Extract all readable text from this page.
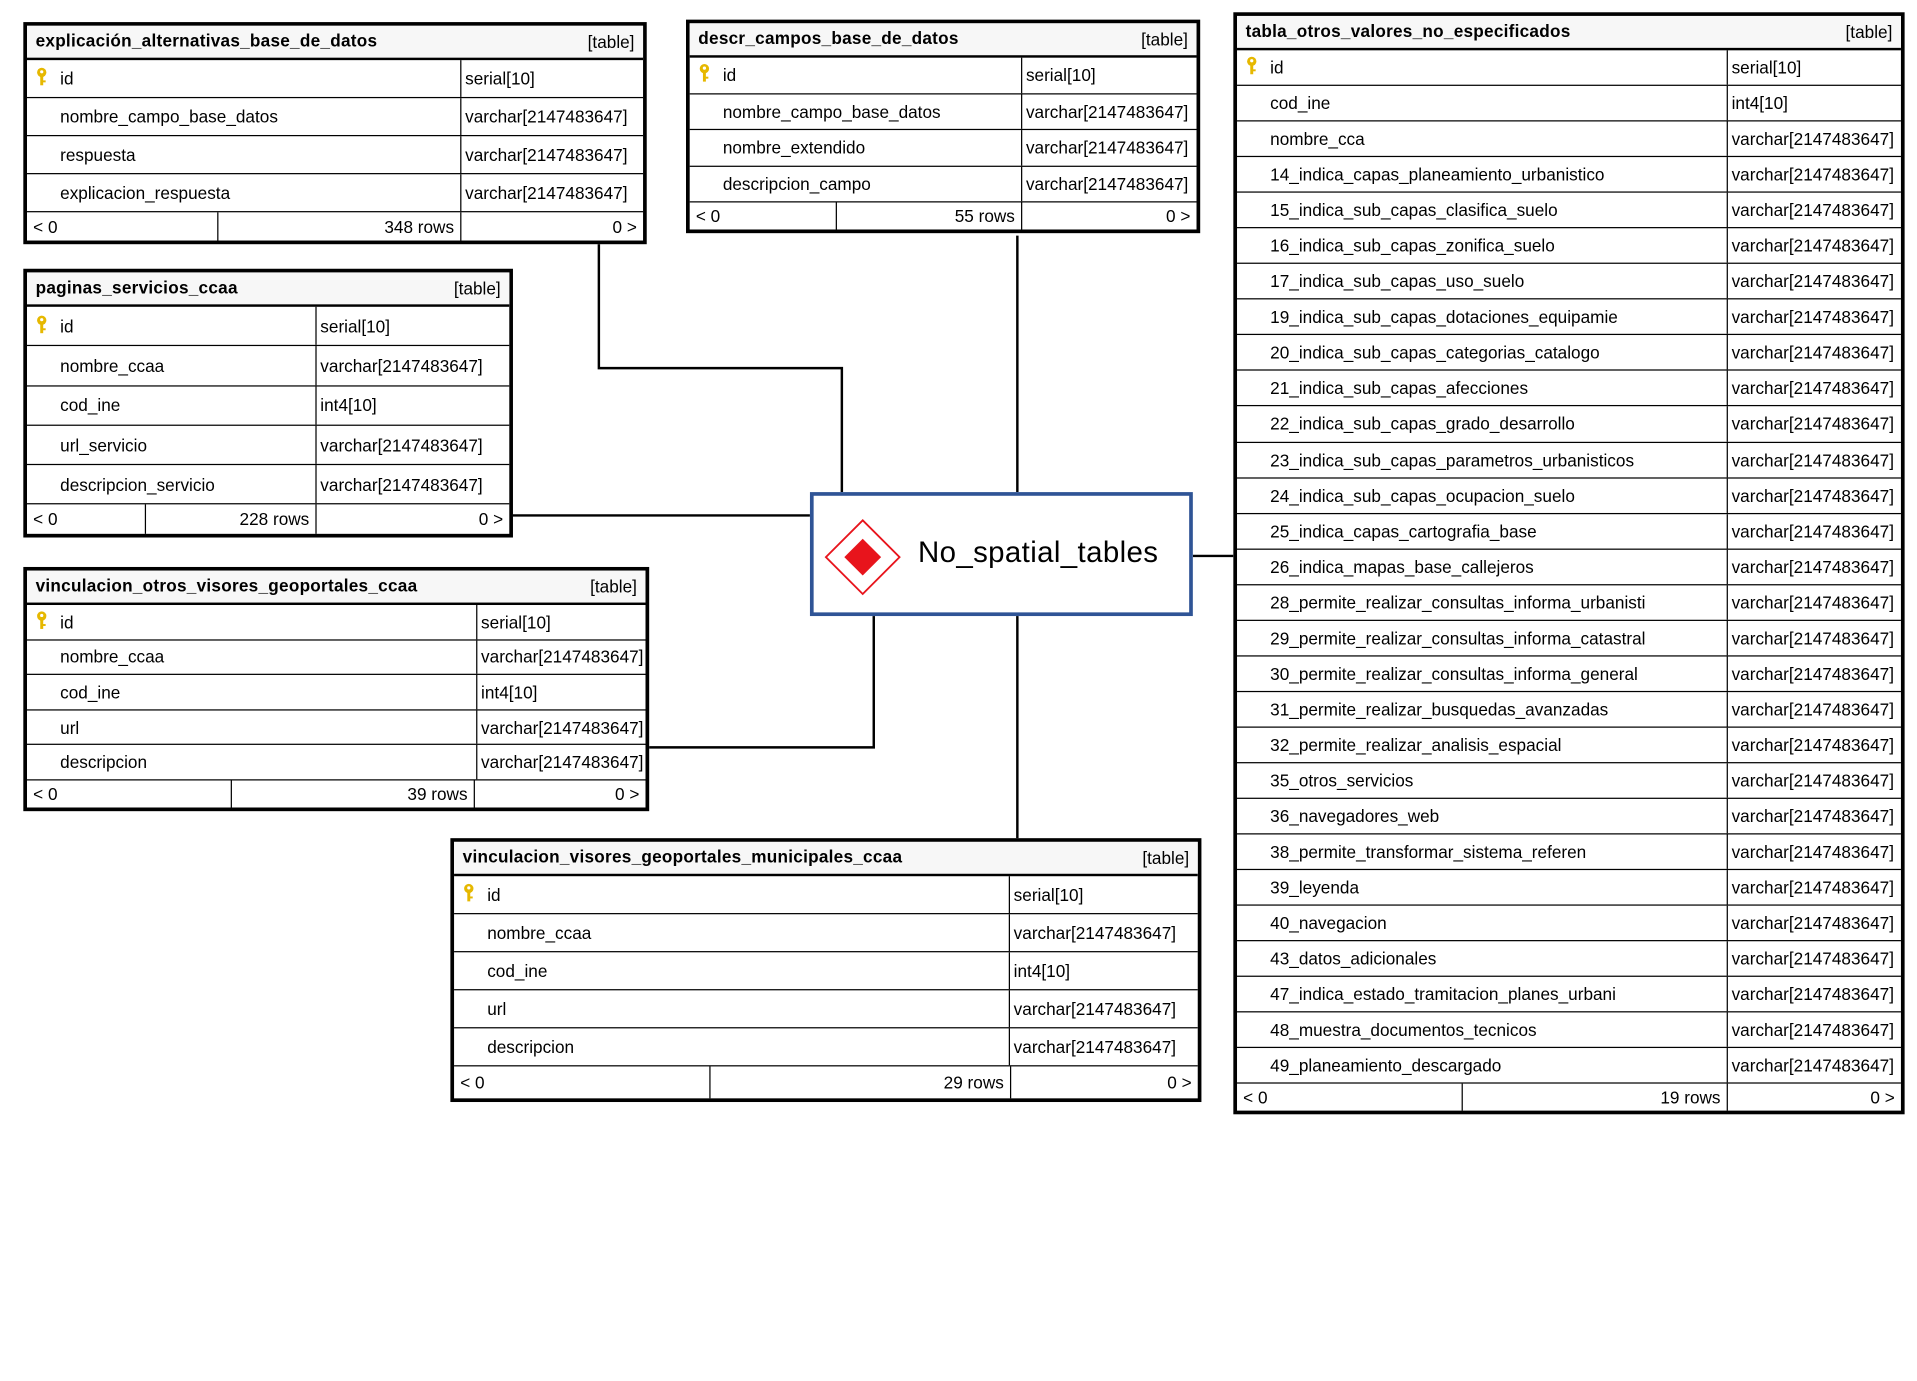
No_spatial_tables
explicación_alternativas_base_de_datos	[table]
id	serial[10]
nombre_campo_base_datos	varchar[2147483647]
respuesta	varchar[2147483647]
explicacion_respuesta	varchar[2147483647]
< 0	348 rows	0 >
descr_campos_base_de_datos	[table]
id	serial[10]
nombre_campo_base_datos	varchar[2147483647]
nombre_extendido	varchar[2147483647]
descripcion_campo	varchar[2147483647]
< 0	55 rows	0 >
paginas_servicios_ccaa	[table]
id	serial[10]
nombre_ccaa	varchar[2147483647]
cod_ine	int4[10]
url_servicio	varchar[2147483647]
descripcion_servicio	varchar[2147483647]
< 0	228 rows	0 >
vinculacion_otros_visores_geoportales_ccaa	[table]
id	serial[10]
nombre_ccaa	varchar[2147483647]
cod_ine	int4[10]
url	varchar[2147483647]
descripcion	varchar[2147483647]
< 0	39 rows	0 >
vinculacion_visores_geoportales_municipales_ccaa	[table]
id	serial[10]
nombre_ccaa	varchar[2147483647]
cod_ine	int4[10]
url	varchar[2147483647]
descripcion	varchar[2147483647]
< 0	29 rows	0 >
tabla_otros_valores_no_especificados	[table]
id	serial[10]
cod_ine	int4[10]
nombre_cca	varchar[2147483647]
14_indica_capas_planeamiento_urbanistico	varchar[2147483647]
15_indica_sub_capas_clasifica_suelo	varchar[2147483647]
16_indica_sub_capas_zonifica_suelo	varchar[2147483647]
17_indica_sub_capas_uso_suelo	varchar[2147483647]
19_indica_sub_capas_dotaciones_equipamie	varchar[2147483647]
20_indica_sub_capas_categorias_catalogo	varchar[2147483647]
21_indica_sub_capas_afecciones	varchar[2147483647]
22_indica_sub_capas_grado_desarrollo	varchar[2147483647]
23_indica_sub_capas_parametros_urbanisticos	varchar[2147483647]
24_indica_sub_capas_ocupacion_suelo	varchar[2147483647]
25_indica_capas_cartografia_base	varchar[2147483647]
26_indica_mapas_base_callejeros	varchar[2147483647]
28_permite_realizar_consultas_informa_urbanisti	varchar[2147483647]
29_permite_realizar_consultas_informa_catastral	varchar[2147483647]
30_permite_realizar_consultas_informa_general	varchar[2147483647]
31_permite_realizar_busquedas_avanzadas	varchar[2147483647]
32_permite_realizar_analisis_espacial	varchar[2147483647]
35_otros_servicios	varchar[2147483647]
36_navegadores_web	varchar[2147483647]
38_permite_transformar_sistema_referen	varchar[2147483647]
39_leyenda	varchar[2147483647]
40_navegacion	varchar[2147483647]
43_datos_adicionales	varchar[2147483647]
47_indica_estado_tramitacion_planes_urbani	varchar[2147483647]
48_muestra_documentos_tecnicos	varchar[2147483647]
49_planeamiento_descargado	varchar[2147483647]
< 0	19 rows	0 >
